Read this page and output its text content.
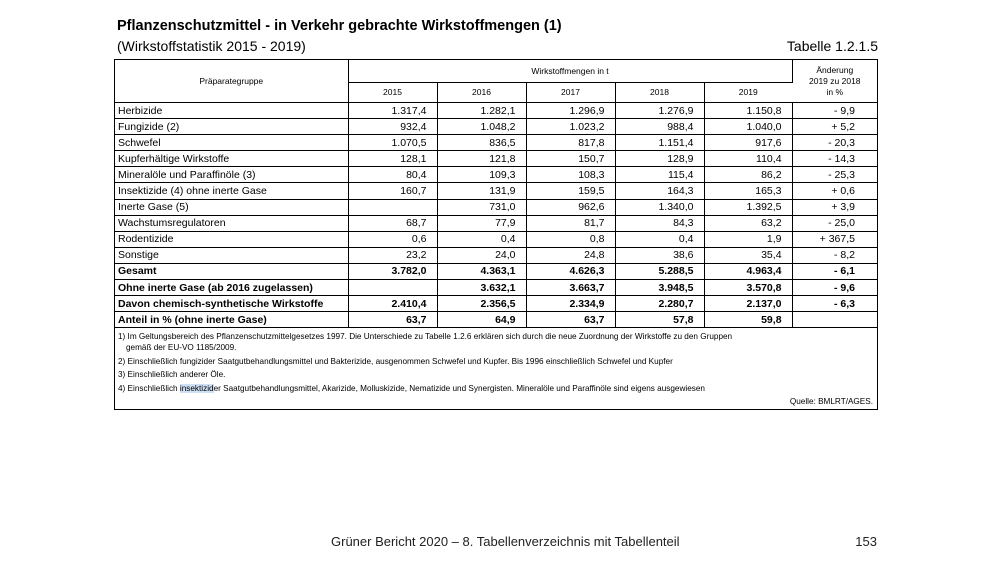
Pflanzenschutzmittel - in Verkehr gebrachte Wirkstoffmengen (1)
(Wirkstoffstatistik 2015 - 2019)	Tabelle 1.2.1.5
Präparategruppe	Wirkstoffmengen in t					Änderung
2019 zu 2018
in %

	2015	2016	2017	2018	2019	
Herbizide	1.317,4	1.282,1	1.296,9	1.276,9	1.150,8	- 9,9
Fungizide (2)	932,4	1.048,2	1.023,2	988,4	1.040,0	+ 5,2
Schwefel	1.070,5	836,5	817,8	1.151,4	917,6	- 20,3
Kupferhältige Wirkstoffe	128,1	121,8	150,7	128,9	110,4	- 14,3
Mineralöle und Paraffinöle (3)	80,4	109,3	108,3	115,4	86,2	- 25,3
Insektizide (4) ohne inerte Gase	160,7	131,9	159,5	164,3	165,3	+ 0,6
Inerte Gase (5)		731,0	962,6	1.340,0	1.392,5	+ 3,9
Wachstumsregulatoren	68,7	77,9	81,7	84,3	63,2	- 25,0
Rodentizide	0,6	0,4	0,8	0,4	1,9	+ 367,5
Sonstige	23,2	24,0	24,8	38,6	35,4	- 8,2
Gesamt	3.782,0	4.363,1	4.626,3	5.288,5	4.963,4	- 6,1
Ohne inerte Gase (ab 2016 zugelassen)		3.632,1	3.663,7	3.948,5	3.570,8	- 9,6
Davon chemisch-synthetische Wirkstoffe	2.410,4	2.356,5	2.334,9	2.280,7	2.137,0	- 6,3
Anteil in % (ohne inerte Gase)	63,7	64,9	63,7	57,8	59,8	
1) Im Geltungsbereich des Pflanzenschutzmittelgesetzes 1997. Die Unterschiede zu Tabelle 1.2.6 erklären sich durch die neue Zuordnung der Wirkstoffe zu den Gruppen
gemäß der EU-VO 1185/2009.
2) Einschließlich fungizider Saatgutbehandlungsmittel und Bakterizide, ausgenommen Schwefel und Kupfer. Bis 1996 einschließlich Schwefel und Kupfer
3) Einschließlich anderer Öle.
4) Einschließlich insektizider Saatgutbehandlungsmittel, Akarizide, Molluskizide, Nematizide und Synergisten. Mineralöle und Paraffinöle sind eigens ausgewiesen
Quelle: BMLRT/AGES.
Grüner Bericht 2020 – 8. Tabellenverzeichnis mit Tabellenteil	153
